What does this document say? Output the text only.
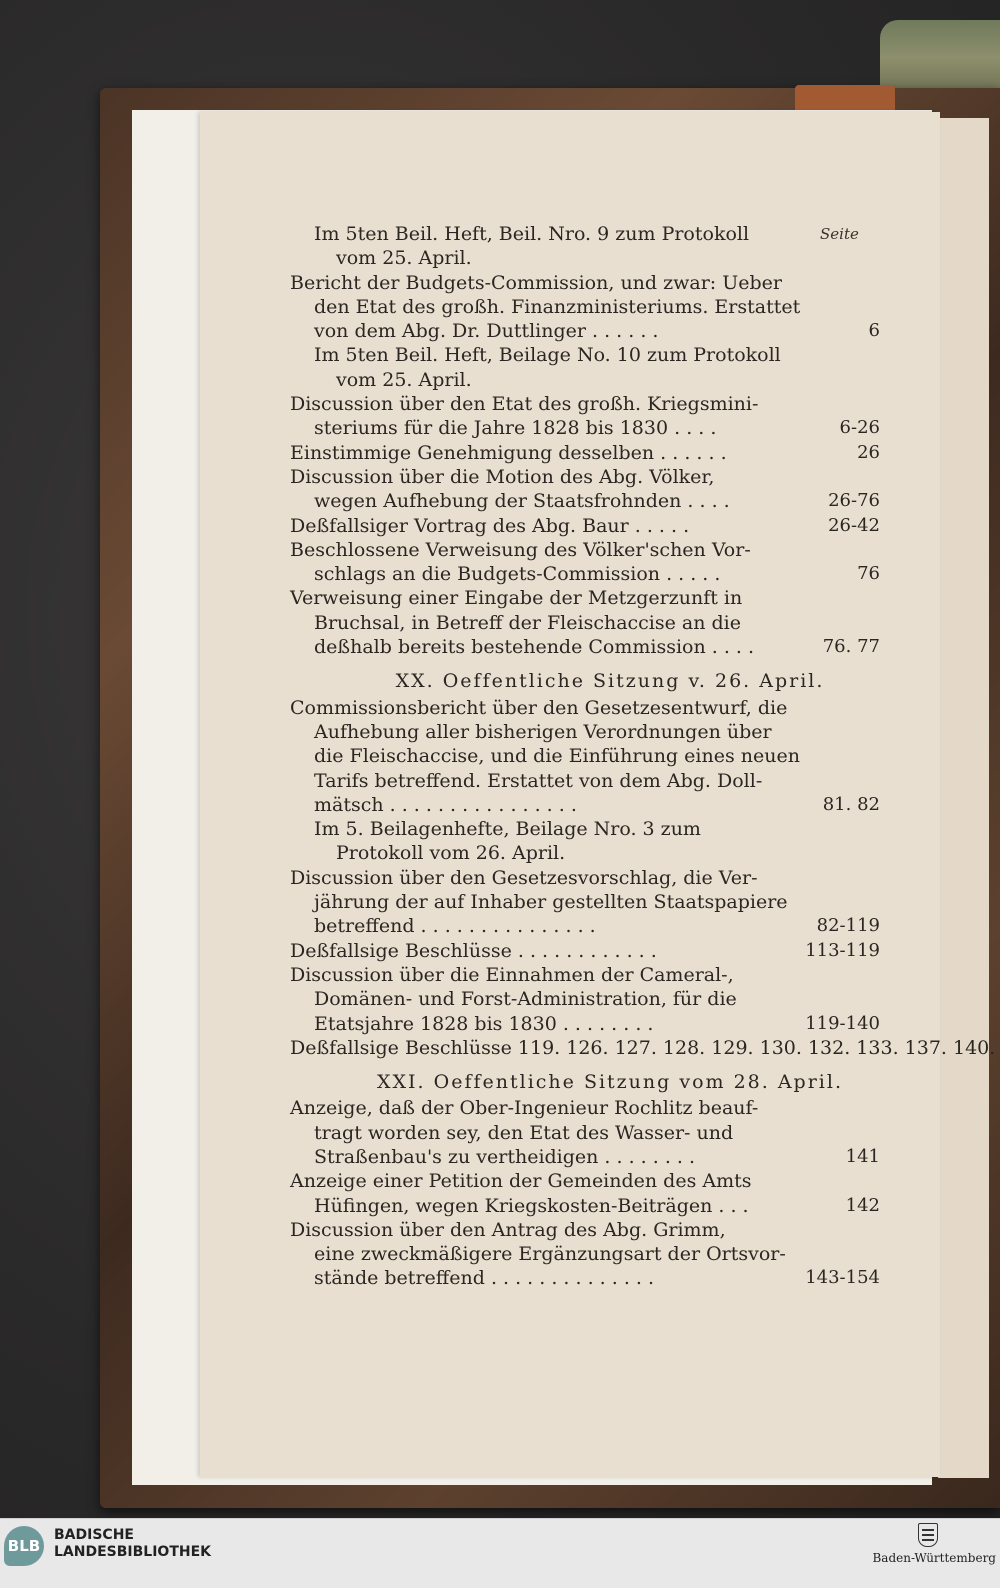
Seite
Im 5ten Beil. Heft, Beil. Nro. 9 zum Protokoll
vom 25. April.
Bericht der Budgets-Commission, und zwar: Ueber
den Etat des großh. Finanzministeriums. Erstattet
von dem Abg. Dr. Duttlinger . . . . . .	6
Im 5ten Beil. Heft, Beilage No. 10 zum Protokoll
vom 25. April.
Discussion über den Etat des großh. Kriegsmini-
steriums für die Jahre 1828 bis 1830 . . . .	6-26
Einstimmige Genehmigung desselben . . . . . .	26
Discussion über die Motion des Abg. Völker,
wegen Aufhebung der Staatsfrohnden . . . .	26-76
Deßfallsiger Vortrag des Abg. Baur . . . . .	26-42
Beschlossene Verweisung des Völker'schen Vor-
schlags an die Budgets-Commission . . . . .	76
Verweisung einer Eingabe der Metzgerzunft in
Bruchsal, in Betreff der Fleischaccise an die
deßhalb bereits bestehende Commission . . . .	76. 77
XX. Oeffentliche Sitzung v. 26. April.
Commissionsbericht über den Gesetzesentwurf, die
Aufhebung aller bisherigen Verordnungen über
die Fleischaccise, und die Einführung eines neuen
Tarifs betreffend. Erstattet von dem Abg. Doll-
mätsch . . . . . . . . . . . . . . . .	81. 82
Im 5. Beilagenhefte, Beilage Nro. 3 zum
Protokoll vom 26. April.
Discussion über den Gesetzesvorschlag, die Ver-
jährung der auf Inhaber gestellten Staatspapiere
betreffend . . . . . . . . . . . . . . .	82-119
Deßfallsige Beschlüsse . . . . . . . . . . . .	113-119
Discussion über die Einnahmen der Cameral-,
Domänen- und Forst-Administration, für die
Etatsjahre 1828 bis 1830 . . . . . . . .	119-140
Deßfallsige Beschlüsse 119. 126. 127. 128. 129. 130. 132. 133. 137. 140.
XXI. Oeffentliche Sitzung vom 28. April.
Anzeige, daß der Ober-Ingenieur Rochlitz beauf-
tragt worden sey, den Etat des Wasser- und
Straßenbau's zu vertheidigen . . . . . . . .	141
Anzeige einer Petition der Gemeinden des Amts
Hüfingen, wegen Kriegskosten-Beiträgen . . .	142
Discussion über den Antrag des Abg. Grimm,
eine zweckmäßigere Ergänzungsart der Ortsvor-
stände betreffend . . . . . . . . . . . . . .	143-154
BLB
BADISCHE
LANDESBIBLIOTHEK	Baden-Württemberg
